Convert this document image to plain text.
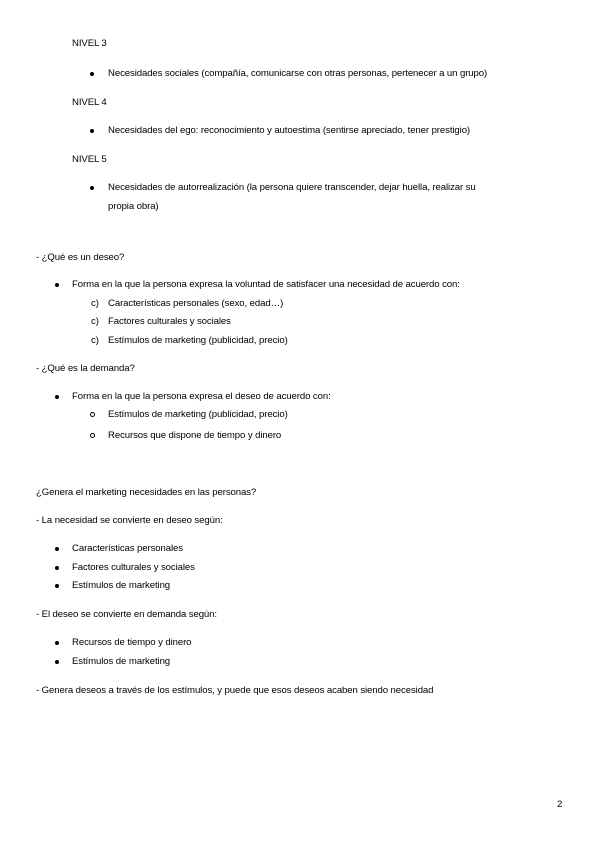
NIVEL 3
Necesidades sociales (compañía, comunicarse con otras personas, pertenecer a un grupo)
NIVEL 4
Necesidades del ego: reconocimiento y autoestima (sentirse apreciado, tener prestigio)
NIVEL 5
Necesidades de autorrealización (la persona quiere transcender, dejar huella, realizar su
propia obra)
- ¿Qué es un deseo?
Forma en la que la persona expresa la voluntad de satisfacer una necesidad de acuerdo con:
c) Características personales (sexo, edad…)
c) Factores culturales y sociales
c) Estímulos de marketing (publicidad, precio)
- ¿Qué es la demanda?
Forma en la que la persona expresa el deseo de acuerdo con:
Estímulos de marketing (publicidad, precio)
Recursos que dispone de tiempo y dinero
¿Genera el marketing necesidades en las personas?
- La necesidad se convierte en deseo según:
Características personales
Factores culturales y sociales
Estímulos de marketing
- El deseo se convierte en demanda según:
Recursos de tiempo y dinero
Estímulos de marketing
- Genera deseos a través de los estímulos, y puede que esos deseos acaben siendo necesidad
2
